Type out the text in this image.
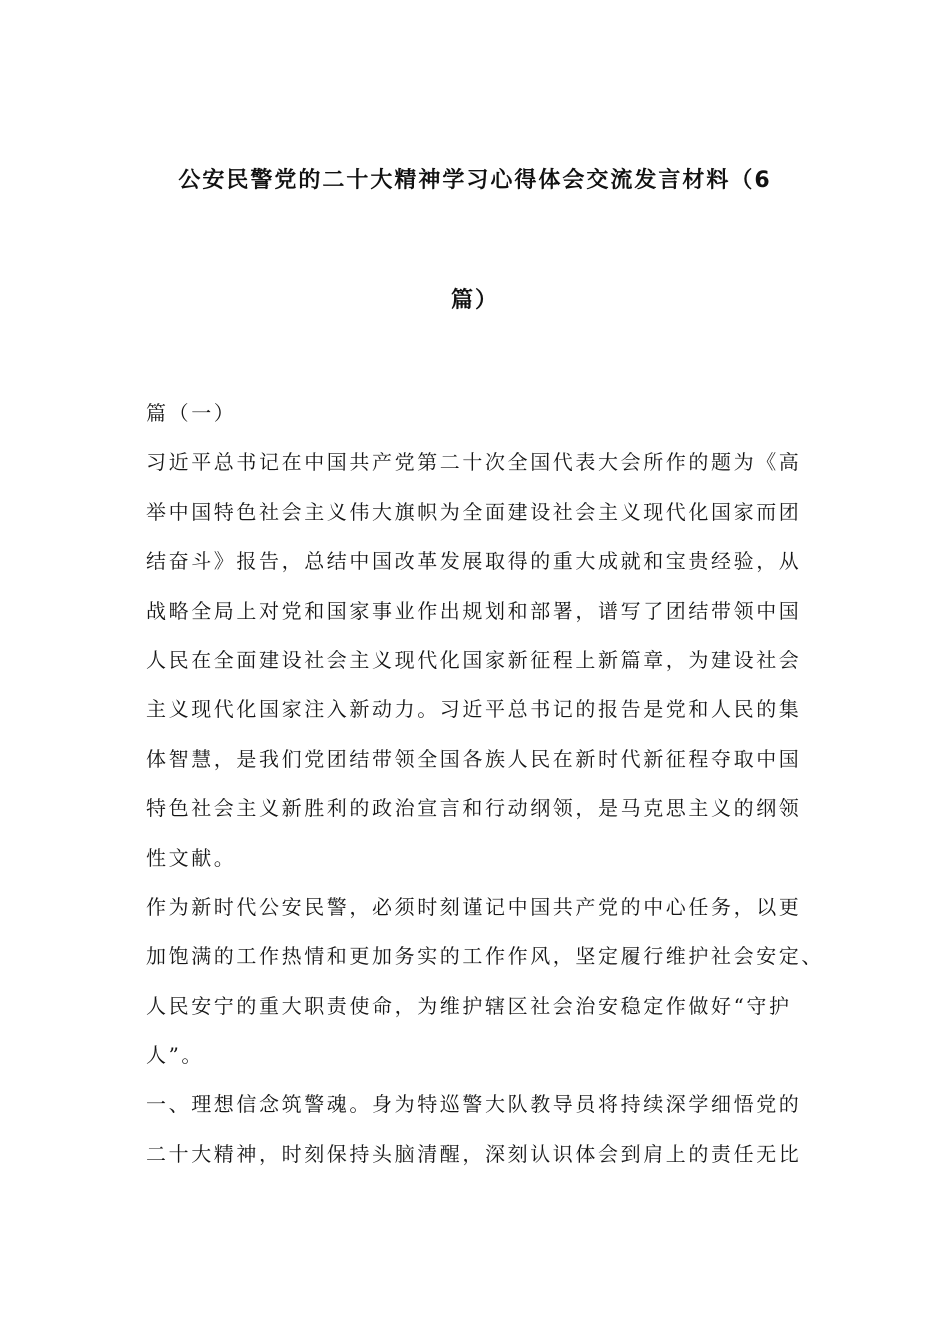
公安民警党的二十大精神学习心得体会交流发言材料（6
篇）
篇（一）
习近平总书记在中国共产党第二十次全国代表大会所作的题为《高
举中国特色社会主义伟大旗帜为全面建设社会主义现代化国家而团
结奋斗》报告，总结中国改革发展取得的重大成就和宝贵经验，从
战略全局上对党和国家事业作出规划和部署，谱写了团结带领中国
人民在全面建设社会主义现代化国家新征程上新篇章，为建设社会
主义现代化国家注入新动力。习近平总书记的报告是党和人民的集
体智慧，是我们党团结带领全国各族人民在新时代新征程夺取中国
特色社会主义新胜利的政治宣言和行动纲领，是马克思主义的纲领
性文献。
作为新时代公安民警，必须时刻谨记中国共产党的中心任务，以更
加饱满的工作热情和更加务实的工作作风，坚定履行维护社会安定、
人民安宁的重大职责使命，为维护辖区社会治安稳定作做好“守护
人”。
一、理想信念筑警魂。身为特巡警大队教导员将持续深学细悟党的
二十大精神，时刻保持头脑清醒，深刻认识体会到肩上的责任无比
